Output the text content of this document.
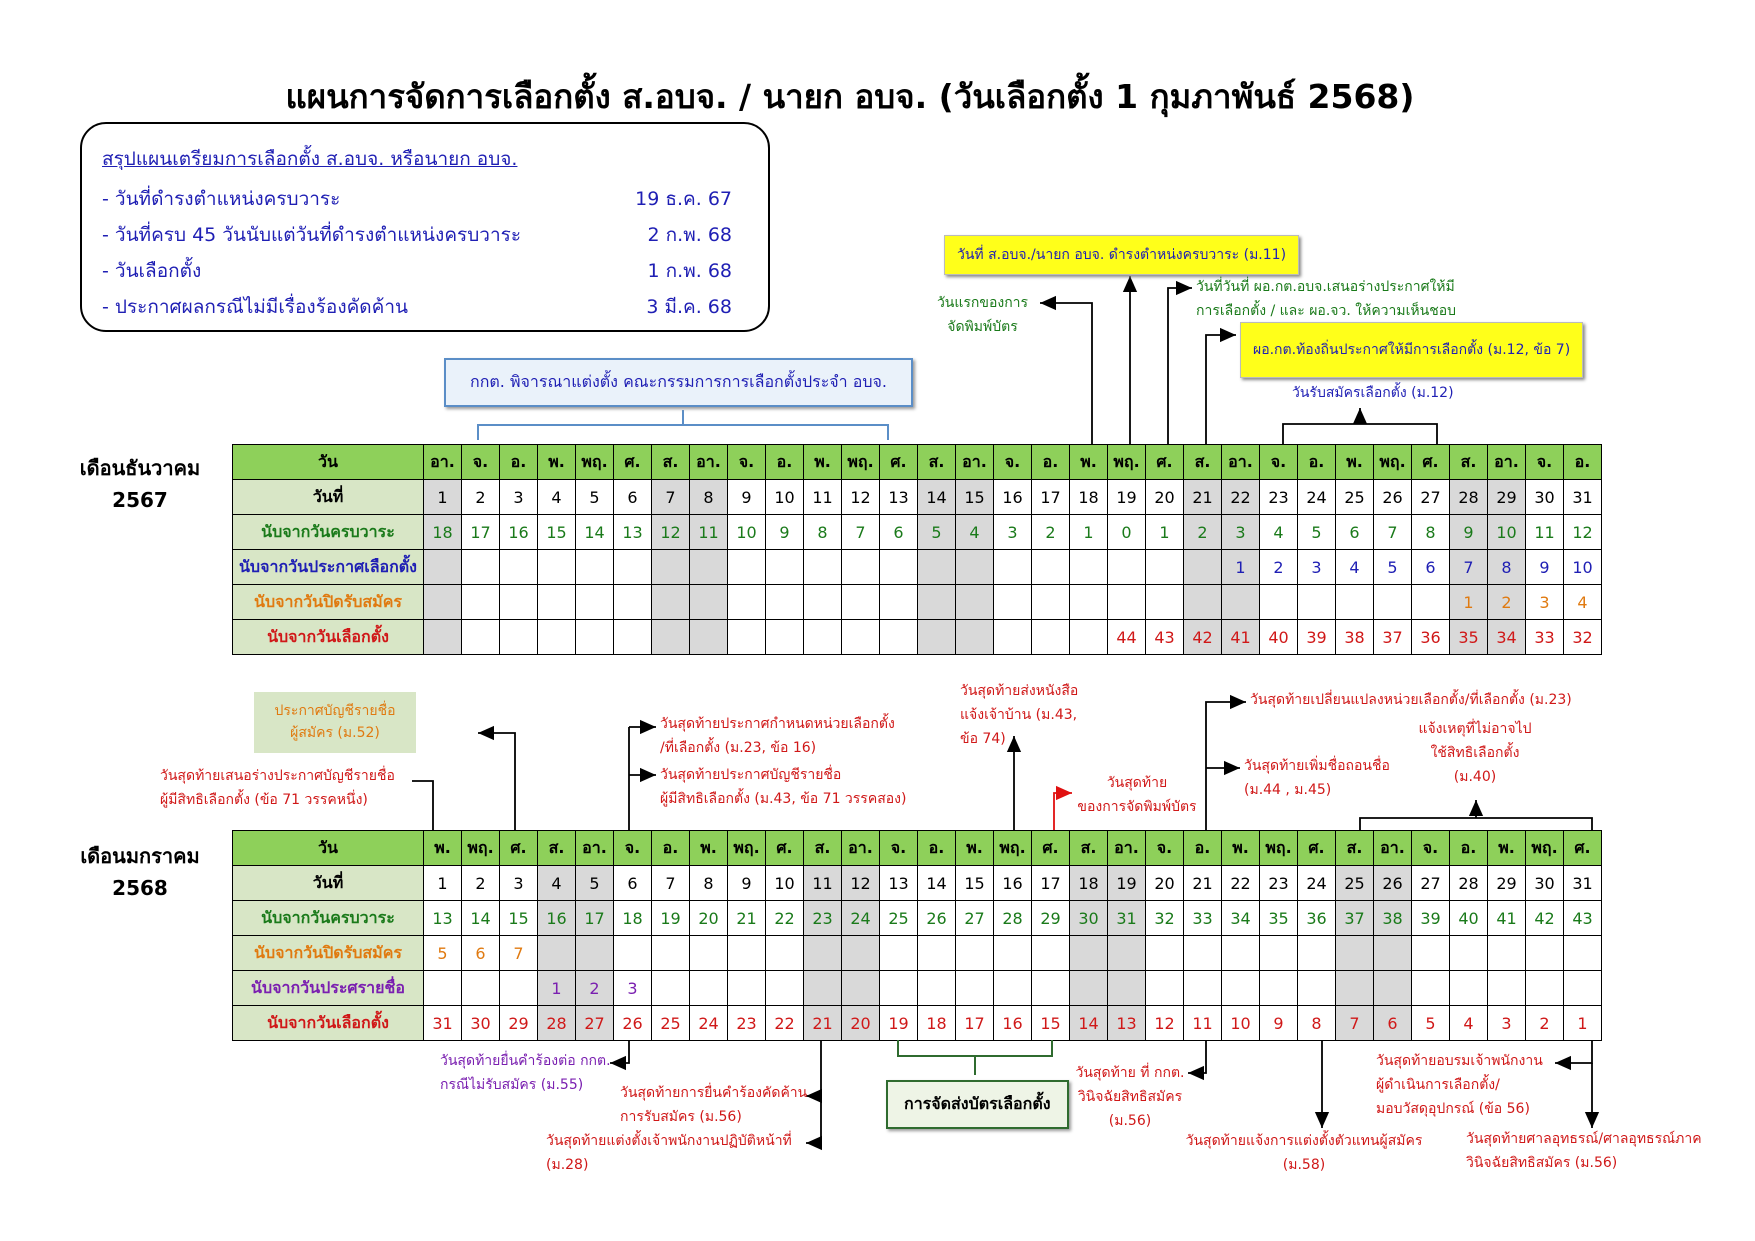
แผนการจัดการเลือกตั้ง ส.อบจ. / นายก อบจ. (วันเลือกตั้ง 1 กุมภาพันธ์ 2568)
สรุปแผนเตรียมการเลือกตั้ง ส.อบจ. หรือนายก อบจ.
- วันที่ดำรงตำแหน่งครบวาระ	19 ธ.ค. 67
- วันที่ครบ 45 วันนับแต่วันที่ดำรงตำแหน่งครบวาระ	2 ก.พ. 68
- วันเลือกตั้ง	1 ก.พ. 68
- ประกาศผลกรณีไม่มีเรื่องร้องคัดค้าน	3 มี.ค. 68
เดือนธันวาคม
2567
เดือนมกราคม
2568
วัน	อา.	จ.	อ.	พ.	พฤ.	ศ.	ส.	อา.	จ.	อ.	พ.	พฤ.	ศ.	ส.	อา.	จ.	อ.	พ.	พฤ.	ศ.	ส.	อา.	จ.	อ.	พ.	พฤ.	ศ.	ส.	อา.	จ.	อ.
วันที่	1	2	3	4	5	6	7	8	9	10	11	12	13	14	15	16	17	18	19	20	21	22	23	24	25	26	27	28	29	30	31
นับจากวันครบวาระ	18	17	16	15	14	13	12	11	10	9	8	7	6	5	4	3	2	1	0	1	2	3	4	5	6	7	8	9	10	11	12
นับจากวันประกาศเลือกตั้ง																						1	2	3	4	5	6	7	8	9	10
นับจากวันปิดรับสมัคร																												1	2	3	4
นับจากวันเลือกตั้ง																			44	43	42	41	40	39	38	37	36	35	34	33	32
วัน	พ.	พฤ.	ศ.	ส.	อา.	จ.	อ.	พ.	พฤ.	ศ.	ส.	อา.	จ.	อ.	พ.	พฤ.	ศ.	ส.	อา.	จ.	อ.	พ.	พฤ.	ศ.	ส.	อา.	จ.	อ.	พ.	พฤ.	ศ.
วันที่	1	2	3	4	5	6	7	8	9	10	11	12	13	14	15	16	17	18	19	20	21	22	23	24	25	26	27	28	29	30	31
นับจากวันครบวาระ	13	14	15	16	17	18	19	20	21	22	23	24	25	26	27	28	29	30	31	32	33	34	35	36	37	38	39	40	41	42	43
นับจากวันปิดรับสมัคร	5	6	7																												
นับจากวันประศรายชื่อ				1	2	3																									
นับจากวันเลือกตั้ง	31	30	29	28	27	26	25	24	23	22	21	20	19	18	17	16	15	14	13	12	11	10	9	8	7	6	5	4	3	2	1
กกต. พิจารณาแต่งตั้ง คณะกรรมการการเลือกตั้งประจำ อบจ.
วันที่ ส.อบจ./นายก อบจ. ดำรงตำหน่งครบวาระ (ม.11)
วันแรกของการ
จัดพิมพ์บัตร
วันที่วันที่ ผอ.กต.อบจ.เสนอร่างประกาศให้มี
การเลือกตั้ง / และ ผอ.จว. ให้ความเห็นชอบ
ผอ.กต.ท้องถิ่นประกาศให้มีการเลือกตั้ง (ม.12, ข้อ 7)
วันรับสมัครเลือกตั้ง (ม.12)
ประกาศบัญชีรายชื่อ
ผู้สมัคร (ม.52)
วันสุดท้ายเสนอร่างประกาศบัญชีรายชื่อ
ผู้มีสิทธิเลือกตั้ง (ข้อ 71 วรรคหนึ่ง)
วันสุดท้ายประกาศกำหนดหน่วยเลือกตั้ง
/ที่เลือกตั้ง (ม.23, ข้อ 16)
วันสุดท้ายประกาศบัญชีรายชื่อ
ผู้มีสิทธิเลือกตั้ง (ม.43, ข้อ 71 วรรคสอง)
วันสุดท้ายส่งหนังสือ
แจ้งเจ้าบ้าน (ม.43,
ข้อ 74)
วันสุดท้าย
ของการจัดพิมพ์บัตร
วันสุดท้ายเปลี่ยนแปลงหน่วยเลือกตั้ง/ที่เลือกตั้ง (ม.23)
วันสุดท้ายเพิ่มชื่อถอนชื่อ
(ม.44 , ม.45)
แจ้งเหตุที่ไม่อาจไป
ใช้สิทธิเลือกตั้ง
(ม.40)
วันสุดท้ายยื่นคำร้องต่อ กกต.
กรณีไม่รับสมัคร (ม.55)
วันสุดท้ายการยื่นคำร้องคัดค้าน
การรับสมัคร (ม.56)
วันสุดท้ายแต่งตั้งเจ้าพนักงานปฏิบัติหน้าที่
(ม.28)
การจัดส่งบัตรเลือกตั้ง
วันสุดท้าย ที่ กกต.
วินิจฉัยสิทธิสมัคร
(ม.56)
วันสุดท้ายแจ้งการแต่งตั้งตัวแทนผู้สมัคร
(ม.58)
วันสุดท้ายอบรมเจ้าพนักงาน
ผู้ดำเนินการเลือกตั้ง/
มอบวัสดุอุปกรณ์ (ข้อ 56)
วันสุดท้ายศาลอุทธรณ์/ศาลอุทธรณ์ภาค
วินิจฉัยสิทธิสมัคร (ม.56)
